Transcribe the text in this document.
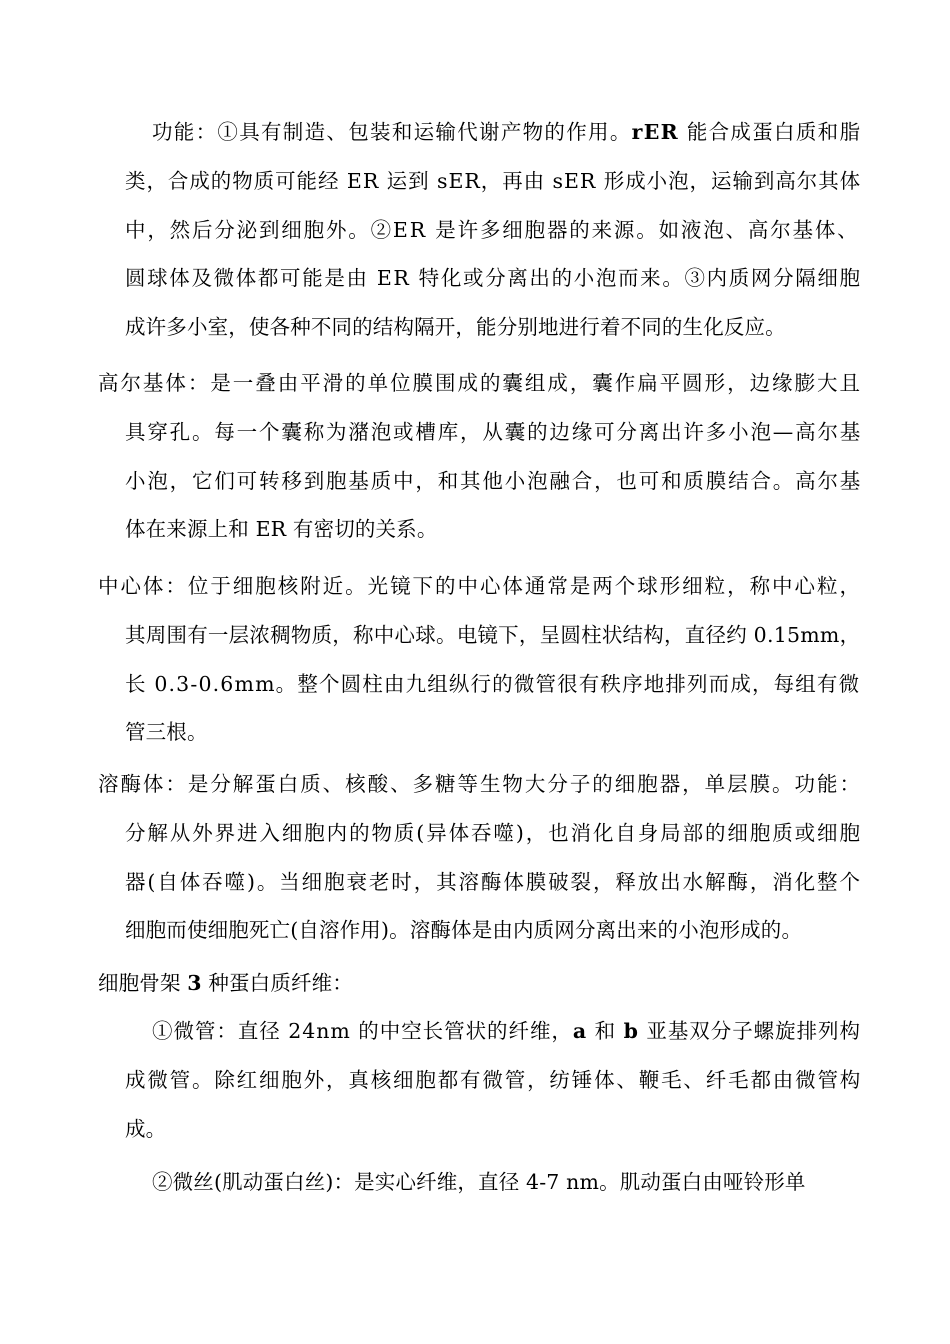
功能：①具有制造、包装和运输代谢产物的作用。rER 能合成蛋白质和脂
类，合成的物质可能经 ER 运到 sER，再由 sER 形成小泡，运输到高尔其体
中，然后分泌到细胞外。②ER 是许多细胞器的来源。如液泡、高尔基体、
圆球体及微体都可能是由 ER 特化或分离出的小泡而来。③内质网分隔细胞
成许多小室，使各种不同的结构隔开，能分别地进行着不同的生化反应。
高尔基体：是一叠由平滑的单位膜围成的囊组成，囊作扁平圆形，边缘膨大且
具穿孔。每一个囊称为潴泡或槽库，从囊的边缘可分离出许多小泡—高尔基
小泡，它们可转移到胞基质中，和其他小泡融合，也可和质膜结合。高尔基
体在来源上和 ER 有密切的关系。
中心体：位于细胞核附近。光镜下的中心体通常是两个球形细粒，称中心粒，
其周围有一层浓稠物质，称中心球。电镜下，呈圆柱状结构，直径约 0.15mm，
长 0.3-0.6mm。整个圆柱由九组纵行的微管很有秩序地排列而成，每组有微
管三根。
溶酶体：是分解蛋白质、核酸、多糖等生物大分子的细胞器，单层膜。功能：
分解从外界进入细胞内的物质(异体吞噬)，也消化自身局部的细胞质或细胞
器(自体吞噬)。当细胞衰老时，其溶酶体膜破裂，释放出水解酶，消化整个
细胞而使细胞死亡(自溶作用)。溶酶体是由内质网分离出来的小泡形成的。
细胞骨架 3 种蛋白质纤维：
①微管：直径 24nm 的中空长管状的纤维，a 和 b 亚基双分子螺旋排列构
成微管。除红细胞外，真核细胞都有微管，纺锤体、鞭毛、纤毛都由微管构
成。
②微丝(肌动蛋白丝)：是实心纤维，直径 4-7 nm。肌动蛋白由哑铃形单
